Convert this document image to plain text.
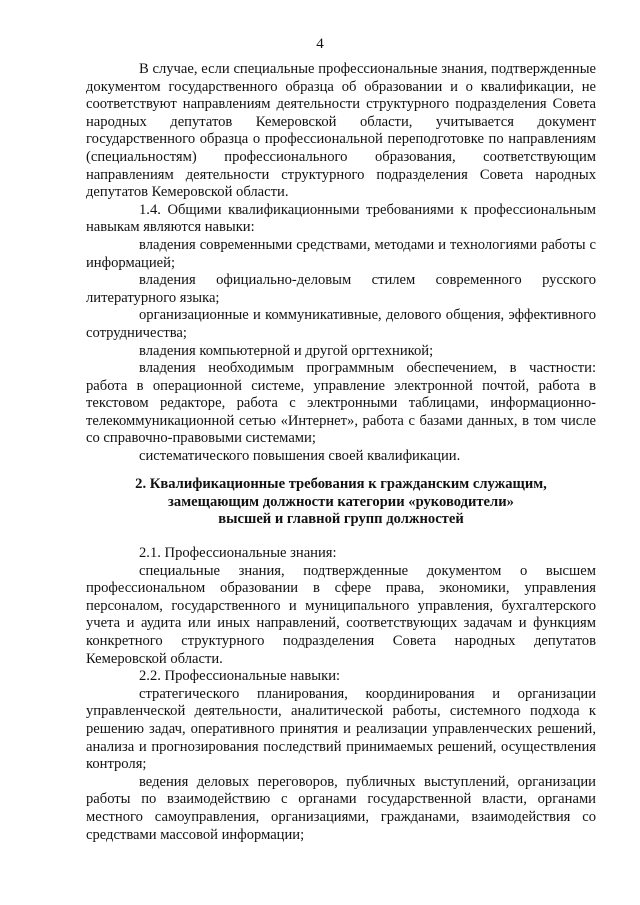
4

В случае, если специальные профессиональные знания, подтвержденные документом государственного образца об образовании и о квалификации, не соответствуют направлениям деятельности структурного подразделения Совета народных депутатов Кемеровской области, учитывается документ государственного образца о профессиональной переподготовке по направлениям (специальностям) профессионального образования, соответствующим направлениям деятельности структурного подразделения Совета народных депутатов Кемеровской области.

1.4. Общими квалификационными требованиями к профессиональным навыкам являются навыки:

владения современными средствами, методами и технологиями работы с информацией;

владения официально-деловым стилем современного русского литературного языка;

организационные и коммуникативные, делового общения, эффективного сотрудничества;

владения компьютерной и другой оргтехникой;

владения необходимым программным обеспечением, в частности: работа в операционной системе, управление электронной почтой, работа в текстовом редакторе, работа с электронными таблицами, информационно-телекоммуникационной сетью «Интернет», работа с базами данных, в том числе со справочно-правовыми системами;

систематического повышения своей квалификации.

2. Квалификационные требования к гражданским служащим,
замещающим должности категории «руководители»
высшей и главной групп должностей

2.1. Профессиональные знания:

специальные знания, подтвержденные документом о высшем профессиональном образовании в сфере права, экономики, управления персоналом, государственного и муниципального управления, бухгалтерского учета и аудита или иных направлений, соответствующих задачам и функциям конкретного структурного подразделения Совета народных депутатов Кемеровской области.

2.2. Профессиональные навыки:

стратегического планирования, координирования и организации управленческой деятельности, аналитической работы, системного подхода к решению задач, оперативного принятия и реализации управленческих решений, анализа и прогнозирования последствий принимаемых решений, осуществления контроля;

ведения деловых переговоров, публичных выступлений, организации работы по взаимодействию с органами государственной власти, органами местного самоуправления, организациями, гражданами, взаимодействия со средствами массовой информации;
